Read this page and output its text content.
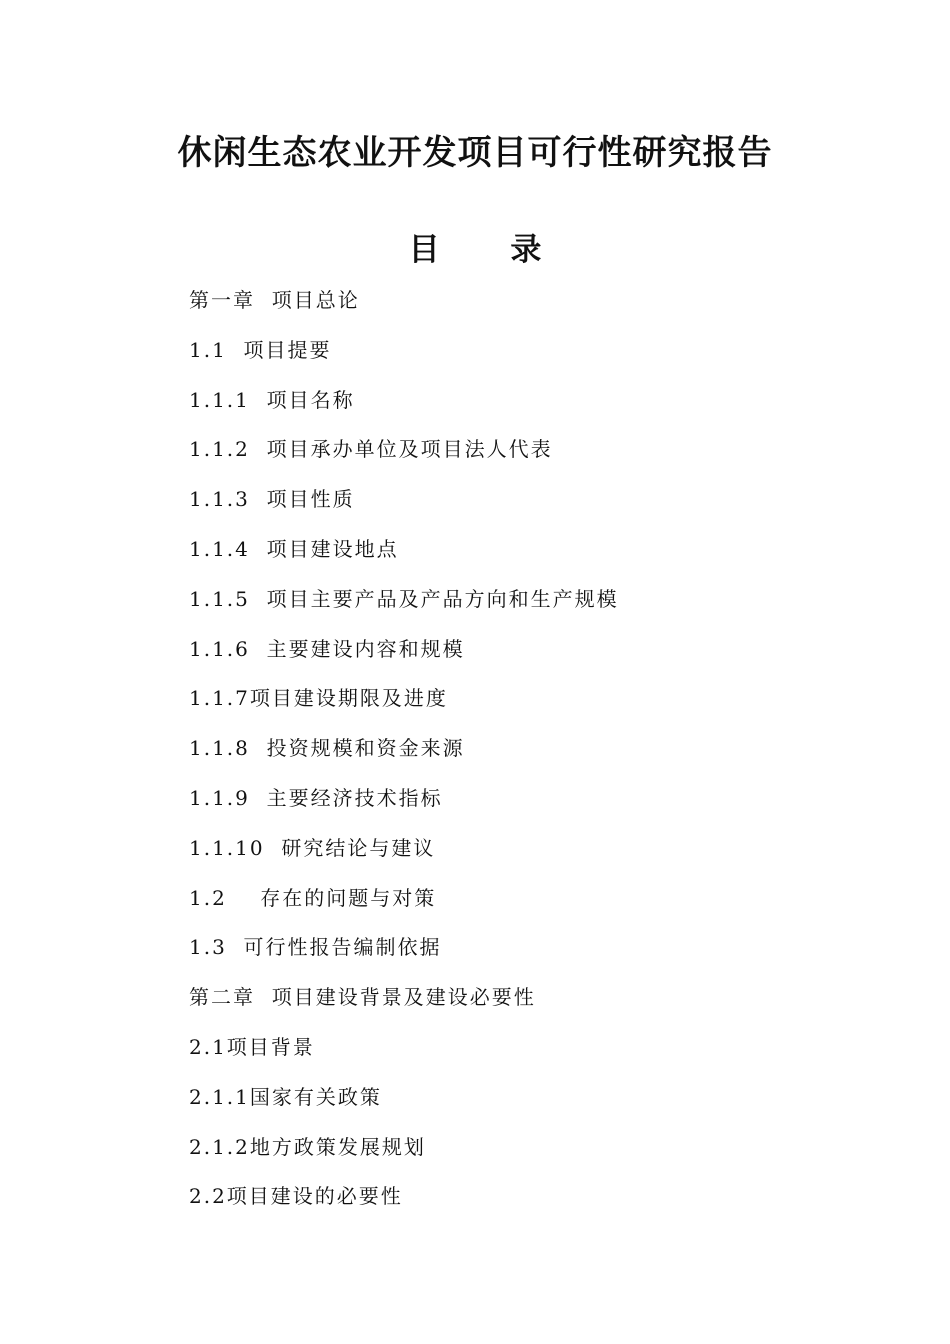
休闲生态农业开发项目可行性研究报告
目 录
第一章  项目总论
1.1  项目提要
1.1.1  项目名称
1.1.2  项目承办单位及项目法人代表
1.1.3  项目性质
1.1.4  项目建设地点
1.1.5  项目主要产品及产品方向和生产规模
1.1.6  主要建设内容和规模
1.1.7项目建设期限及进度
1.1.8  投资规模和资金来源
1.1.9  主要经济技术指标
1.1.10  研究结论与建议
1.2    存在的问题与对策
1.3  可行性报告编制依据
第二章  项目建设背景及建设必要性
2.1项目背景
2.1.1国家有关政策
2.1.2地方政策发展规划
2.2项目建设的必要性
